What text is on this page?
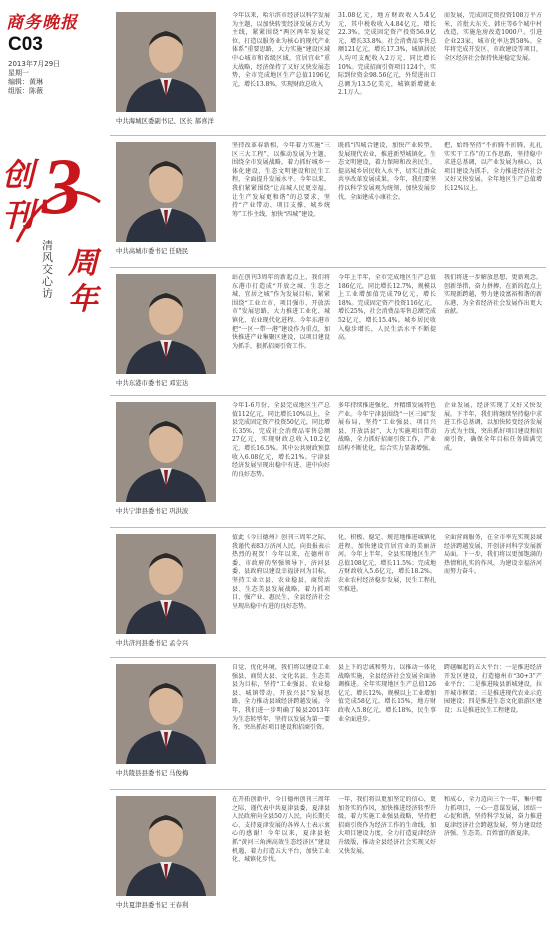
商务晚报
C03
2013年7月29日
星期一
编辑：黄琳
组版：陈薇
创
刊 3
周
年
清风交心访
中共海城区委副书记、区长 郝喜洋
今年以来，哈尔滨市经济以科学发展为主题，以加快转变经济发展方式为主线，紧紧围绕“两区两年发展定位，打造以服务业为核心的现代产业体系”重要思路，大力实施“建设区域中心城市和省级区域，宜居宜业”重大战略，经济保持了又好又快发展态势，全市完成地区生产总值1196亿元，增长13.8%，实现财政总收入
31.08亿元，地方财政收入5.4亿元，其中税收收入4.84亿元，增长22.3%。完成固定资产投资56.9亿元，增长33.8%。社会消费品零售总额121亿元，增长17.3%，城镇居民人均可支配收入2万元，同比增长10%。完成招商引资项目124个，实际到位资金98.56亿元，外贸进出口总额为13.5亿美元，城镇新增就业2.1万人。
而发展，完成固定资投资108万平方米，首批大东关、韩庄等6个城中村改造，实施危房改造1000户。引进企业23家，城市化率达到58%。全年将完成开发区、市政建设等项目，全区经济社会保持快速稳定发展。
中共高城市委书记 任晓民
坚持改革春新相，今年着力实施“三区三大工程”，以推动发展为主题，围绕全市发展战略，着力抓好城乡一体化建设，生态文明建设和民生工程，全面提升发展水平。今年以来，我们紧紧围绕“让高城人民更幸福，让生产发展更和谐”的总要求，坚持“产业带动、项目支撑、城乡统筹”工作主线，加快“四城”建设。
既抓“四城合建设，加快产业转型，发展现代农业，推进新型城镇化。生态文明建设，着力保障和改善民生，提高城乡居民收入水平，切实让群众共享改革发展成果。今年，我们要坚持以科学发展观为统领，加快发展步伐，全面建成小康社会。
把，始终坚持“不折腾不折腾，扎扎实实干工作”的工作思路，坚持稳中求进总基调，以产业发展为核心，以项目建设为抓手，全力推进经济社会又好又快发展。全年地区生产总值增长12%以上。
中共东港市委书记 邓宏达
站在创刊3周年的新起点上，我们将东港市打造成“开放之城、生态之城、宜居之城”作为发展目标，紧紧围绕“工业立市、项目强市、开放活市”发展思路，大力推进工业化、城镇化、农业现代化进程。今年东港市把“一区一带一港”建设作为重点，加快推进产业集聚区建设，以项目建设为抓手，狠抓招商引资工作。
今年上半年，全市完成地区生产总值186亿元，同比增长12.7%，规模以上工业增加值完成79亿元，增长18%。完成固定资产投资116亿元，增长25%，社会消费品零售总额完成52亿元，增长15.4%。城乡居民收入稳步增长，人民生活水平不断提高。
我们将进一步解放思想，更新观念，创新举措，奋力拼搏，在新的起点上实现新跨越，努力建设富裕和谐的新东港，为全省经济社会发展作出更大贡献。
中共宁津县委书记 巩洪波
今年1-6月份，全县完成地区生产总值112亿元，同比增长10%以上，全县完成固定资产投资50亿元，同比增长35%，完成社会消费品零售总额27亿元，实现财政总收入10.2亿元，增长16.5%。其中公共财政预算收入6.08亿元，增长21%。宁津县经济发展呈现出稳中有进、进中向好的良好态势。
多年持续推进强化，并精细发展特色产业。今年宁津县围绕“一区三园”发展布局，坚持“工业强县、项目兴县、开放活县”，大力实施项目带动战略，全力抓好招商引资工作，产业结构不断优化，综合实力显著增强。
企业发展，经济实现了又好又快发展。下半年，我们将继续坚持稳中求进工作总基调，以加快转变经济发展方式为主线，突出抓好项目建设和招商引资，确保全年目标任务圆满完成。
中共济河县委书记 孟令兴
值此《今日德州》创刊三周年之际，我谨代表83万济河人民，向贵报表示热烈的祝贺！今年以来，在德州市委、市政府的坚强领导下，济河县委、县政府以建设幸福济河为目标，坚持工业立县、农业稳县、商贸活县、生态美县发展战略，着力抓项目、强产业、惠民生，全县经济社会呈现出稳中有进的良好态势。
化，积极、稳定、规范地推进城镇化进程，加快建设宜居宜业的美丽济河。今年上半年，全县实现地区生产总值108亿元，增长11.5%；完成地方财政收入5.6亿元，增长18.2%。农业农村经济稳步发展，民生工程扎实推进。
全面营商服务，在全市率先实现县域经济跨越发展，开创济河科学发展新局面。下一步，我们将以更加饱满的热情和扎实的作风，为建设幸福济河而努力奋斗。
中共陵县县委书记 马俊梅
自觉、优化环境，我们将以建设工业强县、商贸大县、文化名县、生态美县为目标，坚持“工业强县、农业稳县、城镇带动、开放兴县”发展思路，全力推动县域经济跨越发展。今年，我们进一步明确了陵县2013年为生态转型年，坚持以发展为第一要务，突出抓好项目建设和招商引资。
县上下的忠诚和努力，以推动一体化战略实施，全县经济社会发展全面协调推进。全年实现地区生产总值126亿元，增长12%，规模以上工业增加值完成58亿元，增长15%，地方财政收入5.8亿元，增长18%，民生事业全面进步。
跨越崛起的五大平台：一是推进经济开发区建设，打造德州市“30+3”产业平台；二是推进陵县新城建设，拉开城市框架；三是推进现代农业示范园建设；四是推进生态文化旅游区建设；五是推进民生工程建设。
中共夏津县委书记 王春利
在开拓创新中，今日德州创刊三周年之际，谨代表中共夏津县委，夏津县人民政府向全县50万人民，向长期关心、支持夏津发展的各界人士表示衷心的感谢！今年以来，夏津县抢抓“黄河三角洲高效生态经济区”建设机遇，着力打造五大平台，加快工业化、城镇化步伐。
一年，我们将以更加坚定的信心，更加务实的作风，加快推进经济转型升级，着力实施工业强县战略，坚持把招商引资作为经济工作的生命线，加大项目建设力度，全力打造夏津经济升级版，推动全县经济社会实现又好又快发展。
和成心，全力迈向三个一年，集中精力抓项目，一心一意谋发展，团结一心促和谐，坚持科学发展，奋力推进夏津经济社会跨越发展，努力建设经济强、生态美、百姓富的新夏津。
